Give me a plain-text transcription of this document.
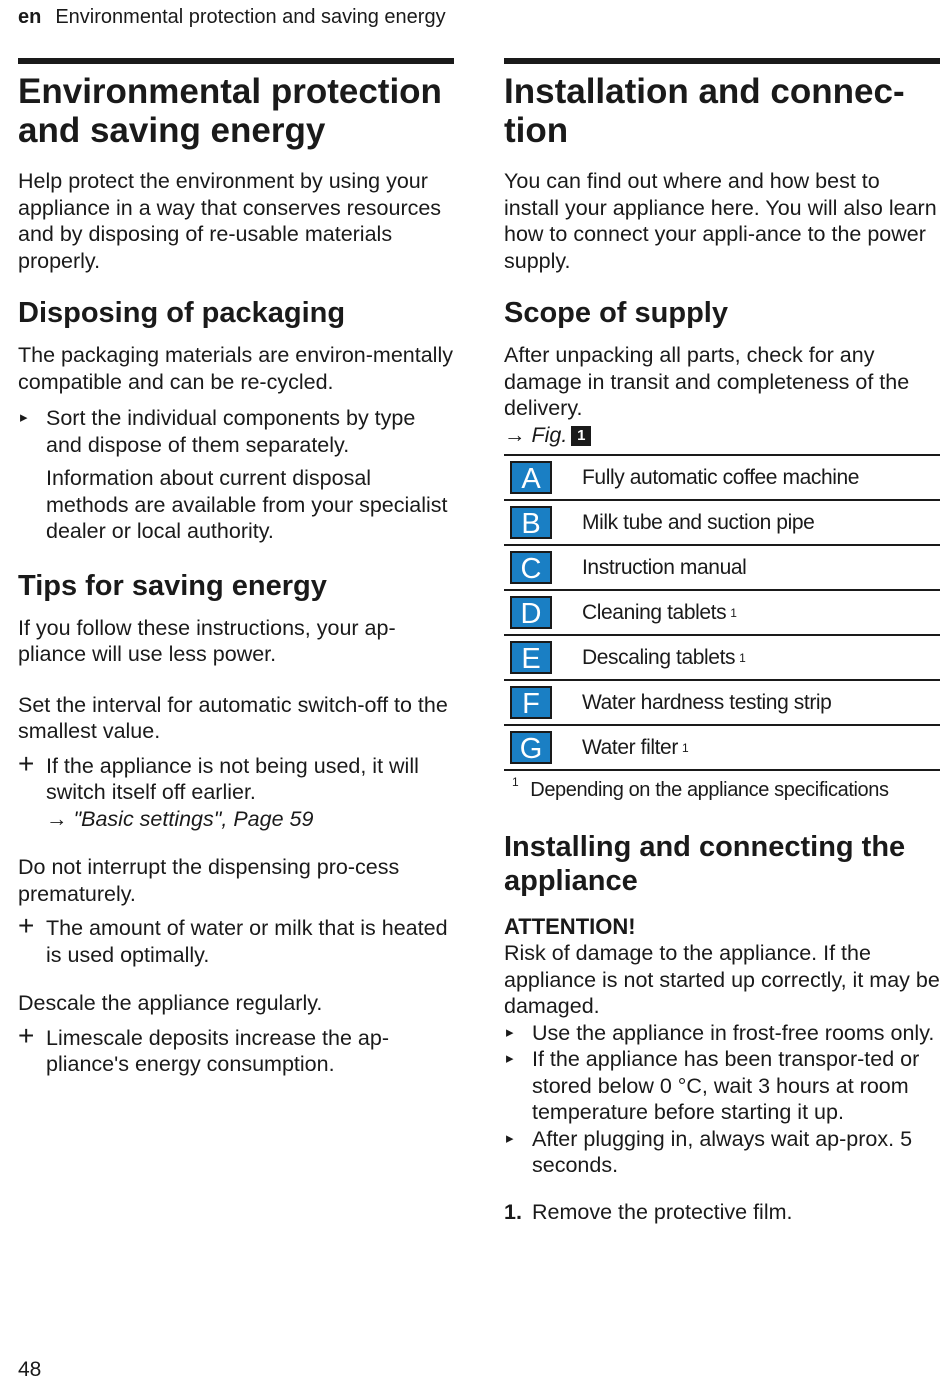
en Environmental protection and saving energy
Environmental protection and saving energy

Help protect the environment by using your appliance in a way that conserves resources and by disposing of re-usable materials properly.

Disposing of packaging

The packaging materials are environ-mentally compatible and can be re-cycled.

▸ Sort the individual components by type and dispose of them separately.

Information about current disposal methods are available from your specialist dealer or local authority.

Tips for saving energy

If you follow these instructions, your ap-pliance will use less power.

Set the interval for automatic switch-off to the smallest value.

+ If the appliance is not being used, it will switch itself off earlier.
→ "Basic settings", Page 59

Do not interrupt the dispensing pro-cess prematurely.

+ The amount of water or milk that is heated is used optimally.

Descale the appliance regularly.

+ Limescale deposits increase the ap-pliance's energy consumption.
Installation and connec-tion

You can find out where and how best to install your appliance here. You will also learn how to connect your appli-ance to the power supply.

Scope of supply

After unpacking all parts, check for any damage in transit and completeness of the delivery.

→ Fig. 1

A	Fully automatic coffee machine
B	Milk tube and suction pipe
C	Instruction manual
D	Cleaning tablets 1
E	Descaling tablets 1
F	Water hardness testing strip
G	Water filter 1
$^1$ Depending on the appliance specifications
Installing and connecting the appliance
ATTENTION!

Risk of damage to the appliance. If the appliance is not started up correctly, it may be damaged.

▸ Use the appliance in frost-free rooms only.
▸ If the appliance has been transpor-ted or stored below 0 °C, wait 3 hours at room temperature before starting it up.
▸ After plugging in, always wait ap-prox. 5 seconds.
1. Remove the protective film.
48
